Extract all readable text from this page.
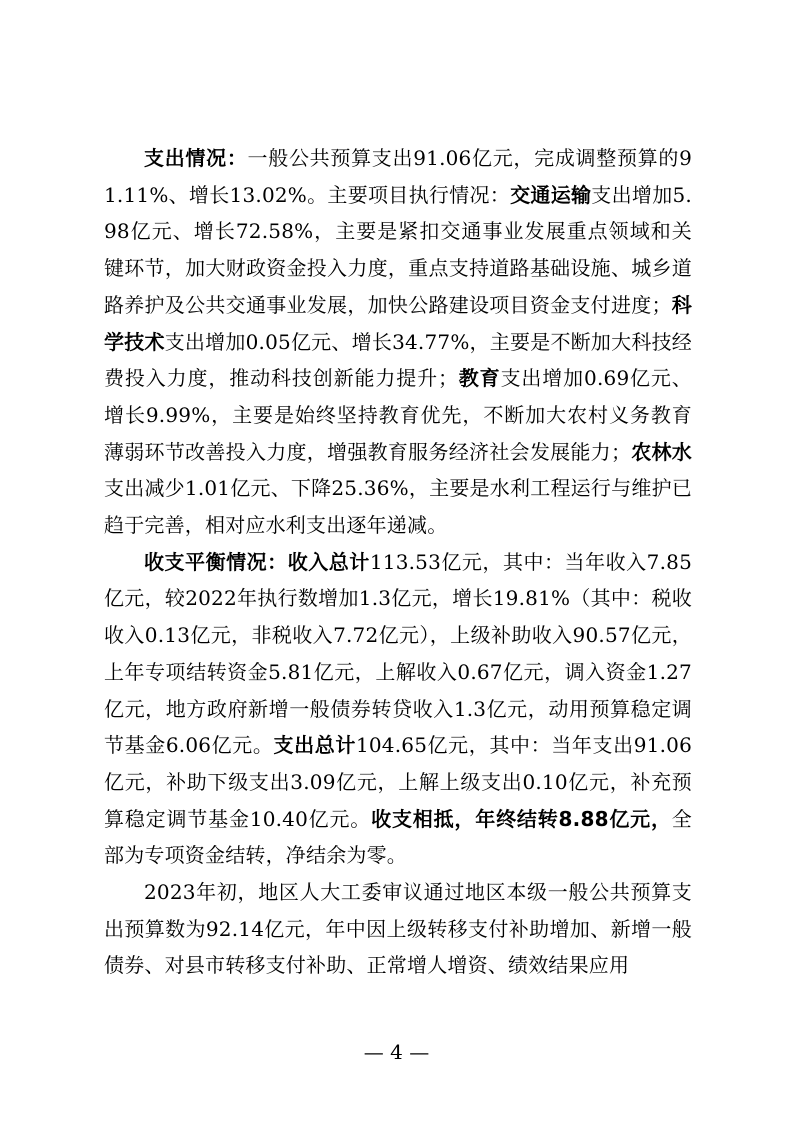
支出情况：一般公共预算支出91.06亿元，完成调整预算的91.11%、增长13.02%。主要项目执行情况：交通运输支出增加5.98亿元、增长72.58%，主要是紧扣交通事业发展重点领域和关键环节，加大财政资金投入力度，重点支持道路基础设施、城乡道路养护及公共交通事业发展，加快公路建设项目资金支付进度；科学技术支出增加0.05亿元、增长34.77%，主要是不断加大科技经费投入力度，推动科技创新能力提升；教育支出增加0.69亿元、增长9.99%，主要是始终坚持教育优先，不断加大农村义务教育薄弱环节改善投入力度，增强教育服务经济社会发展能力；农林水支出减少1.01亿元、下降25.36%，主要是水利工程运行与维护已趋于完善，相对应水利支出逐年递减。

收支平衡情况：收入总计113.53亿元，其中：当年收入7.85亿元，较2022年执行数增加1.3亿元，增长19.81%（其中：税收收入0.13亿元，非税收入7.72亿元），上级补助收入90.57亿元，上年专项结转资金5.81亿元，上解收入0.67亿元，调入资金1.27亿元，地方政府新增一般债券转贷收入1.3亿元，动用预算稳定调节基金6.06亿元。支出总计104.65亿元，其中：当年支出91.06亿元，补助下级支出3.09亿元，上解上级支出0.10亿元，补充预算稳定调节基金10.40亿元。收支相抵，年终结转8.88亿元，全部为专项资金结转，净结余为零。

2023年初，地区人大工委审议通过地区本级一般公共预算支出预算数为92.14亿元，年中因上级转移支付补助增加、新增一般债券、对县市转移支付补助、正常增人增资、绩效结果应用

— 4 —
